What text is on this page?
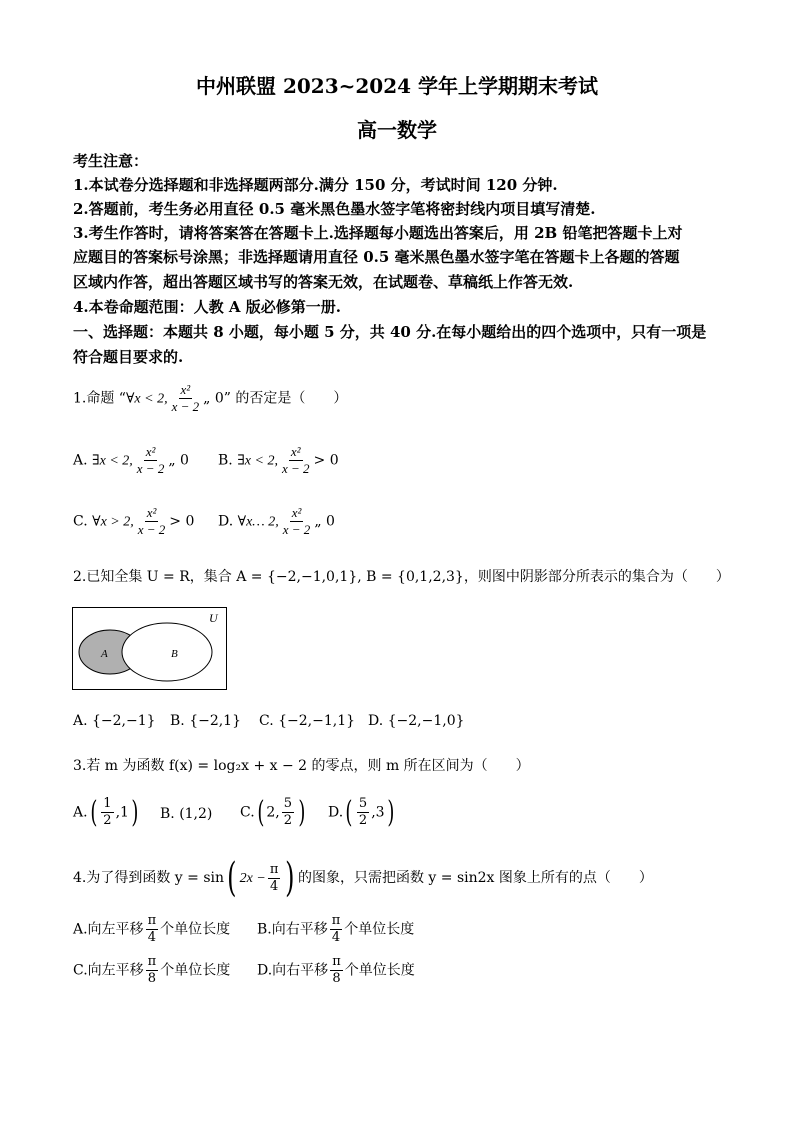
中州联盟 2023~2024 学年上学期期末考试
高一数学
考生注意：
1.本试卷分选择题和非选择题两部分.满分 150 分，考试时间 120 分钟.
2.答题前，考生务必用直径 0.5 毫米黑色墨水签字笔将密封线内项目填写清楚.
3.考生作答时，请将答案答在答题卡上.选择题每小题选出答案后，用 2B 铅笔把答题卡上对
应题目的答案标号涂黑；非选择题请用直径 0.5 毫米黑色墨水签字笔在答题卡上各题的答题
区域内作答，超出答题区域书写的答案无效，在试题卷、草稿纸上作答无效.
4.本卷命题范围：人教 A 版必修第一册.
一、选择题：本题共 8 小题，每小题 5 分，共 40 分.在每小题给出的四个选项中，只有一项是
符合题目要求的.
1.命题 “∀x < 2, $\frac{\text{x²}}{x - 2}$ „ 0” 的否定是（　　）
A. ∃x < 2, $\frac{\text{x²}}{x - 2}$ „ 0 B. ∃x < 2, $\frac{\text{x²}}{x - 2} > 0$
C. ∀x > 2, $\frac{\text{x²}}{x - 2} > 0$ D. ∀x… 2, $\frac{\text{x²}}{x - 2}$ „ 0
2.已知全集 U = R，集合 A = {−2,−1,0,1}, B = {0,1,2,3}，则图中阴影部分所表示的集合为（　　）
U
A	B
A. {−2,−1} B. {−2,1} C. {−2,−1,1} D. {−2,−1,0}
3.若 m 为函数 f(x) = log₂x + x − 2 的零点，则 m 所在区间为（　　）
$A.( \frac{1}{2} ,1)$ B. (1,2) C.( 2, $\frac{5}{2}$ ) $D.( \frac{5}{2} ,3)$
4.为了得到函数 y = sin( $2x - \frac{\pi}{4}$ ) 的图象，只需把函数 y = sin2x 图象上所有的点（　　）
A.向左平移 $\frac{\pi}{4}$ 个单位长度 B.向右平移 $\frac{\pi}{4}$ 个单位长度
C.向左平移 $\frac{\pi}{8}$ 个单位长度 D.向右平移 $\frac{\pi}{8}$ 个单位长度
